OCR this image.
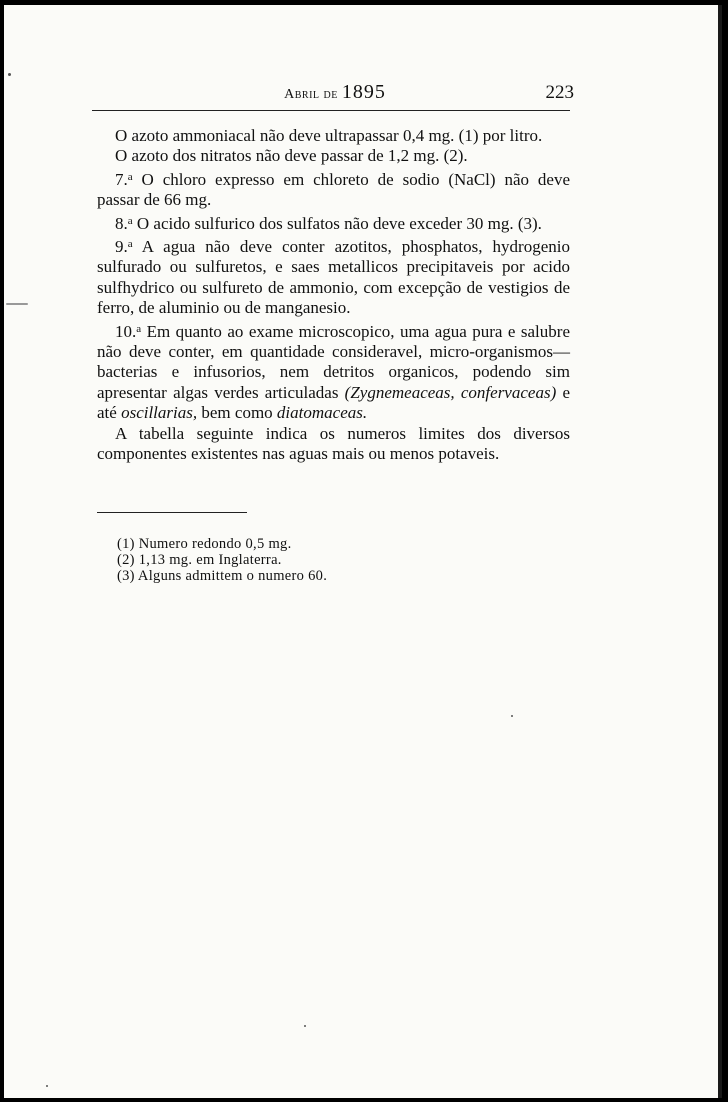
Abril de 1895	223

O azoto ammoniacal não deve ultrapassar 0,4 mg. (1) por litro.

O azoto dos nitratos não deve passar de 1,2 mg. (2).

7.$^a$ O chloro expresso em chloreto de sodio (NaCl) não deve passar de 66 mg.

8.$^a$ O acido sulfurico dos sulfatos não deve exceder 30 mg. (3).

9.$^a$ A agua não deve conter azotitos, phosphatos, hydrogenio sulfurado ou sulfuretos, e saes metallicos precipitaveis por acido sulfhydrico ou sulfureto de ammonio, com excepção de vestigios de ferro, de aluminio ou de manganesio.

10.$^a$ Em quanto ao exame microscopico, uma agua pura e salubre não deve conter, em quantidade consideravel, micro-organismos—bacterias e infusorios, nem detritos organicos, podendo sim apresentar algas verdes articuladas (Zygnemeaceas, confervaceas) e até oscillarias, bem como diatomaceas.

A tabella seguinte indica os numeros limites dos diversos componentes existentes nas aguas mais ou menos potaveis.

(1) Numero redondo 0,5 mg.
(2) 1,13 mg. em Inglaterra.
(3) Alguns admittem o numero 60.
